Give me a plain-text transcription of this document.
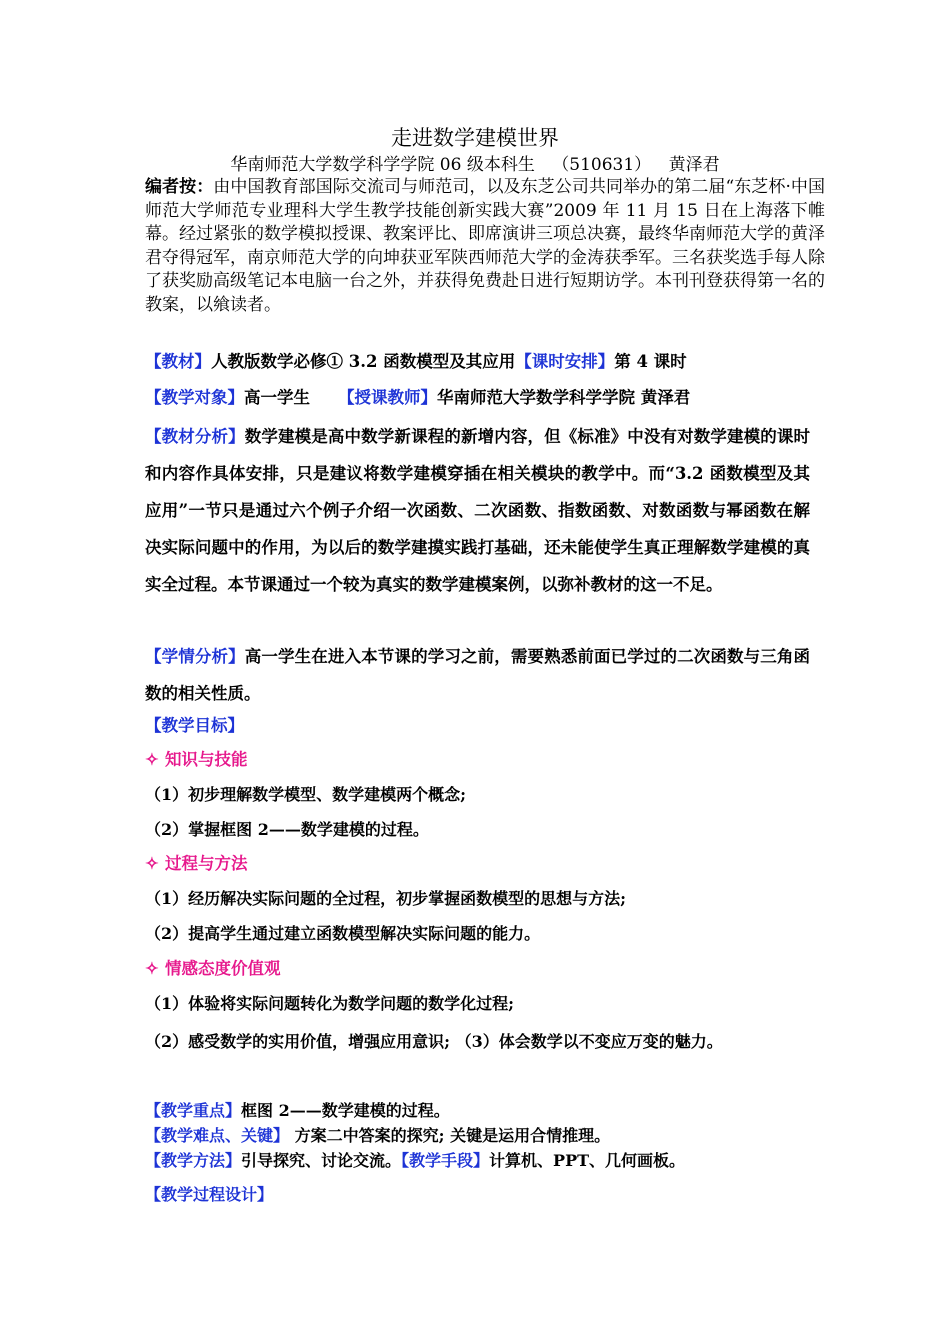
走进数学建模世界
华南师范大学数学科学学院 06 级本科生 （510631） 黄泽君
编者按：由中国教育部国际交流司与师范司，以及东芝公司共同举办的第二届“东芝杯·中国师范大学师范专业理科大学生教学技能创新实践大赛”2009 年 11 月 15 日在上海落下帷幕。经过紧张的数学模拟授课、教案评比、即席演讲三项总决赛，最终华南师范大学的黄泽君夺得冠军，南京师范大学的向坤获亚军陕西师范大学的金涛获季军。三名获奖选手每人除了获奖励高级笔记本电脑一台之外，并获得免费赴日进行短期访学。本刊刊登获得第一名的教案，以飨读者。
【教材】人教版数学必修① 3.2 函数模型及其应用【课时安排】第 4 课时
【教学对象】高一学生 【授课教师】华南师范大学数学科学学院 黄泽君
【教材分析】数学建模是高中数学新课程的新增内容，但《标准》中没有对数学建模的课时和内容作具体安排，只是建议将数学建模穿插在相关模块的教学中。而“3.2 函数模型及其应用”一节只是通过六个例子介绍一次函数、二次函数、指数函数、对数函数与幂函数在解决实际问题中的作用，为以后的数学建摸实践打基础，还未能使学生真正理解数学建模的真实全过程。本节课通过一个较为真实的数学建模案例，以弥补教材的这一不足。
【学情分析】高一学生在进入本节课的学习之前，需要熟悉前面已学过的二次函数与三角函数的相关性质。
【教学目标】
✧ 知识与技能
（1）初步理解数学模型、数学建模两个概念;
（2）掌握框图 2——数学建模的过程。
✧ 过程与方法
（1）经历解决实际问题的全过程，初步掌握函数模型的思想与方法;
（2）提高学生通过建立函数模型解决实际问题的能力。
✧ 情感态度价值观
（1）体验将实际问题转化为数学问题的数学化过程;
（2）感受数学的实用价值，增强应用意识; （3）体会数学以不变应万变的魅力。
【教学重点】框图 2——数学建模的过程。
【教学难点、关键】 方案二中答案的探究; 关键是运用合情推理。
【教学方法】引导探究、讨论交流。【教学手段】计算机、PPT、几何画板。
【教学过程设计】
